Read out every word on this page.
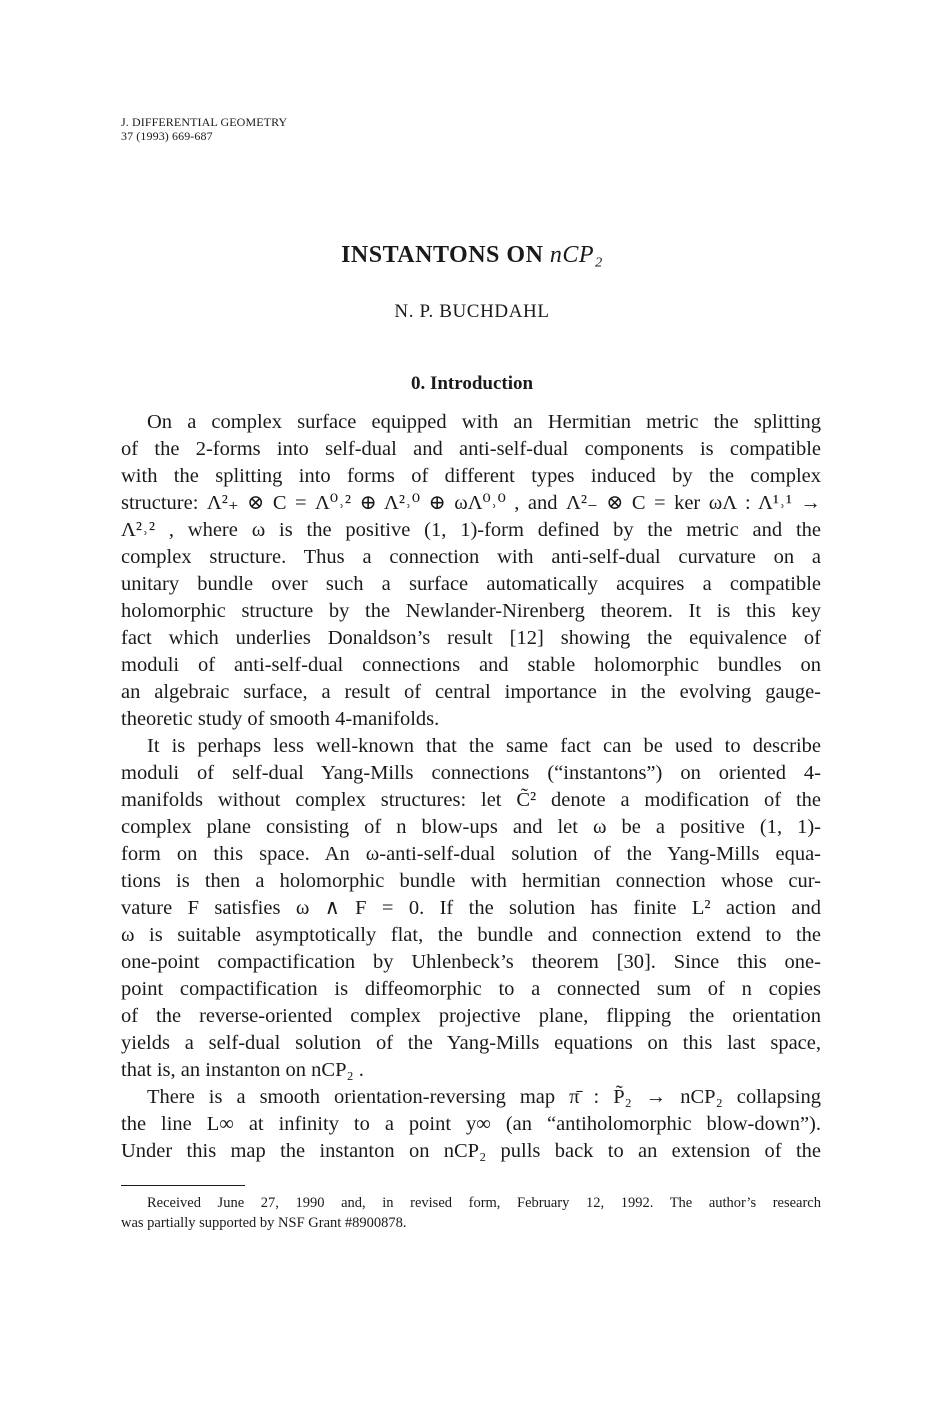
J. DIFFERENTIAL GEOMETRY
37 (1993) 669-687
INSTANTONS ON nCP₂
N. P. BUCHDAHL
0. Introduction
On a complex surface equipped with an Hermitian metric the splitting
of the 2-forms into self-dual and anti-self-dual components is compatible
with the splitting into forms of different types induced by the complex
structure: Λ²₊ ⊗ C = Λ⁰˒² ⊕ Λ²˒⁰ ⊕ ωΛ⁰˒⁰ , and Λ²₋ ⊗ C = ker ωΛ : Λ¹˒¹ →
Λ²˒² , where ω is the positive (1, 1)-form defined by the metric and the
complex structure. Thus a connection with anti-self-dual curvature on a
unitary bundle over such a surface automatically acquires a compatible
holomorphic structure by the Newlander-Nirenberg theorem. It is this key
fact which underlies Donaldson’s result [12] showing the equivalence of
moduli of anti-self-dual connections and stable holomorphic bundles on
an algebraic surface, a result of central importance in the evolving gauge-
theoretic study of smooth 4-manifolds.
It is perhaps less well-known that the same fact can be used to describe
moduli of self-dual Yang-Mills connections (“instantons”) on oriented 4-
manifolds without complex structures: let C̃² denote a modification of the
complex plane consisting of n blow-ups and let ω be a positive (1, 1)-
form on this space. An ω-anti-self-dual solution of the Yang-Mills equa-
tions is then a holomorphic bundle with hermitian connection whose cur-
vature F satisfies ω ∧ F = 0. If the solution has finite L² action and
ω is suitable asymptotically flat, the bundle and connection extend to the
one-point compactification by Uhlenbeck’s theorem [30]. Since this one-
point compactification is diffeomorphic to a connected sum of n copies
of the reverse-oriented complex projective plane, flipping the orientation
yields a self-dual solution of the Yang-Mills equations on this last space,
that is, an instanton on nCP₂ .
There is a smooth orientation-reversing map π̄ : P̃₂ → nCP₂ collapsing
the line L∞ at infinity to a point y∞ (an “antiholomorphic blow-down”).
Under this map the instanton on nCP₂ pulls back to an extension of the
Received June 27, 1990 and, in revised form, February 12, 1992. The author’s research
was partially supported by NSF Grant #8900878.
